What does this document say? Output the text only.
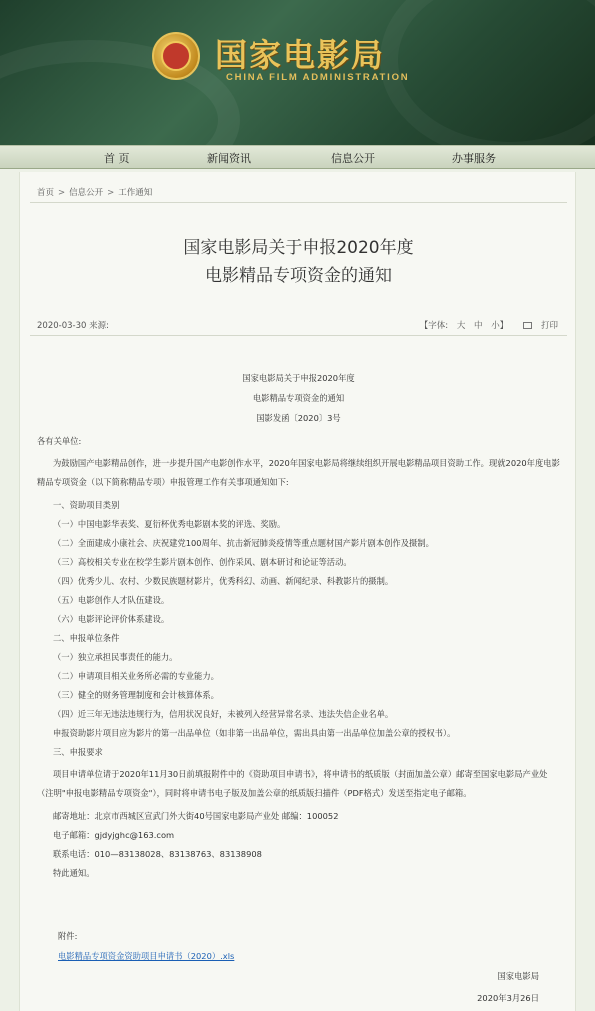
国家电影局
CHINA FILM ADMINISTRATION
首 页	新闻资讯	信息公开	办事服务
首页 > 信息公开 > 工作通知
国家电影局关于申报2020年度
电影精品专项资金的通知
2020-03-30 来源:	【字体: 大 中 小】	打印
国家电影局关于申报2020年度
电影精品专项资金的通知
国影发函〔2020〕3号
各有关单位:
为鼓励国产电影精品创作，进一步提升国产电影创作水平，2020年国家电影局将继续组织开展电影精品项目资助工作。现就2020年度电影精品专项资金（以下简称精品专项）申报管理工作有关事项通知如下:
一、资助项目类别
（一）中国电影华表奖、夏衍杯优秀电影剧本奖的评选、奖励。
（二）全面建成小康社会、庆祝建党100周年、抗击新冠肺炎疫情等重点题材国产影片剧本创作及摄制。
（三）高校相关专业在校学生影片剧本创作、创作采风、剧本研讨和论证等活动。
（四）优秀少儿、农村、少数民族题材影片，优秀科幻、动画、新闻纪录、科教影片的摄制。
（五）电影创作人才队伍建设。
（六）电影评论评价体系建设。
二、申报单位条件
（一）独立承担民事责任的能力。
（二）申请项目相关业务所必需的专业能力。
（三）健全的财务管理制度和会计核算体系。
（四）近三年无违法违规行为，信用状况良好，未被列入经营异常名录、违法失信企业名单。
申报资助影片项目应为影片的第一出品单位（如非第一出品单位，需出具由第一出品单位加盖公章的授权书）。
三、申报要求
项目申请单位请于2020年11月30日前填报附件中的《资助项目申请书》，将申请书的纸质版（封面加盖公章）邮寄至国家电影局产业处（注明"申报电影精品专项资金"），同时将申请书电子版及加盖公章的纸质版扫描件（PDF格式）发送至指定电子邮箱。
邮寄地址：北京市西城区宣武门外大街40号国家电影局产业处 邮编：100052
电子邮箱：gjdyjghc@163.com
联系电话：010—83138028、83138763、83138908
特此通知。
附件:
电影精品专项资金资助项目申请书（2020）.xls
国家电影局
2020年3月26日
